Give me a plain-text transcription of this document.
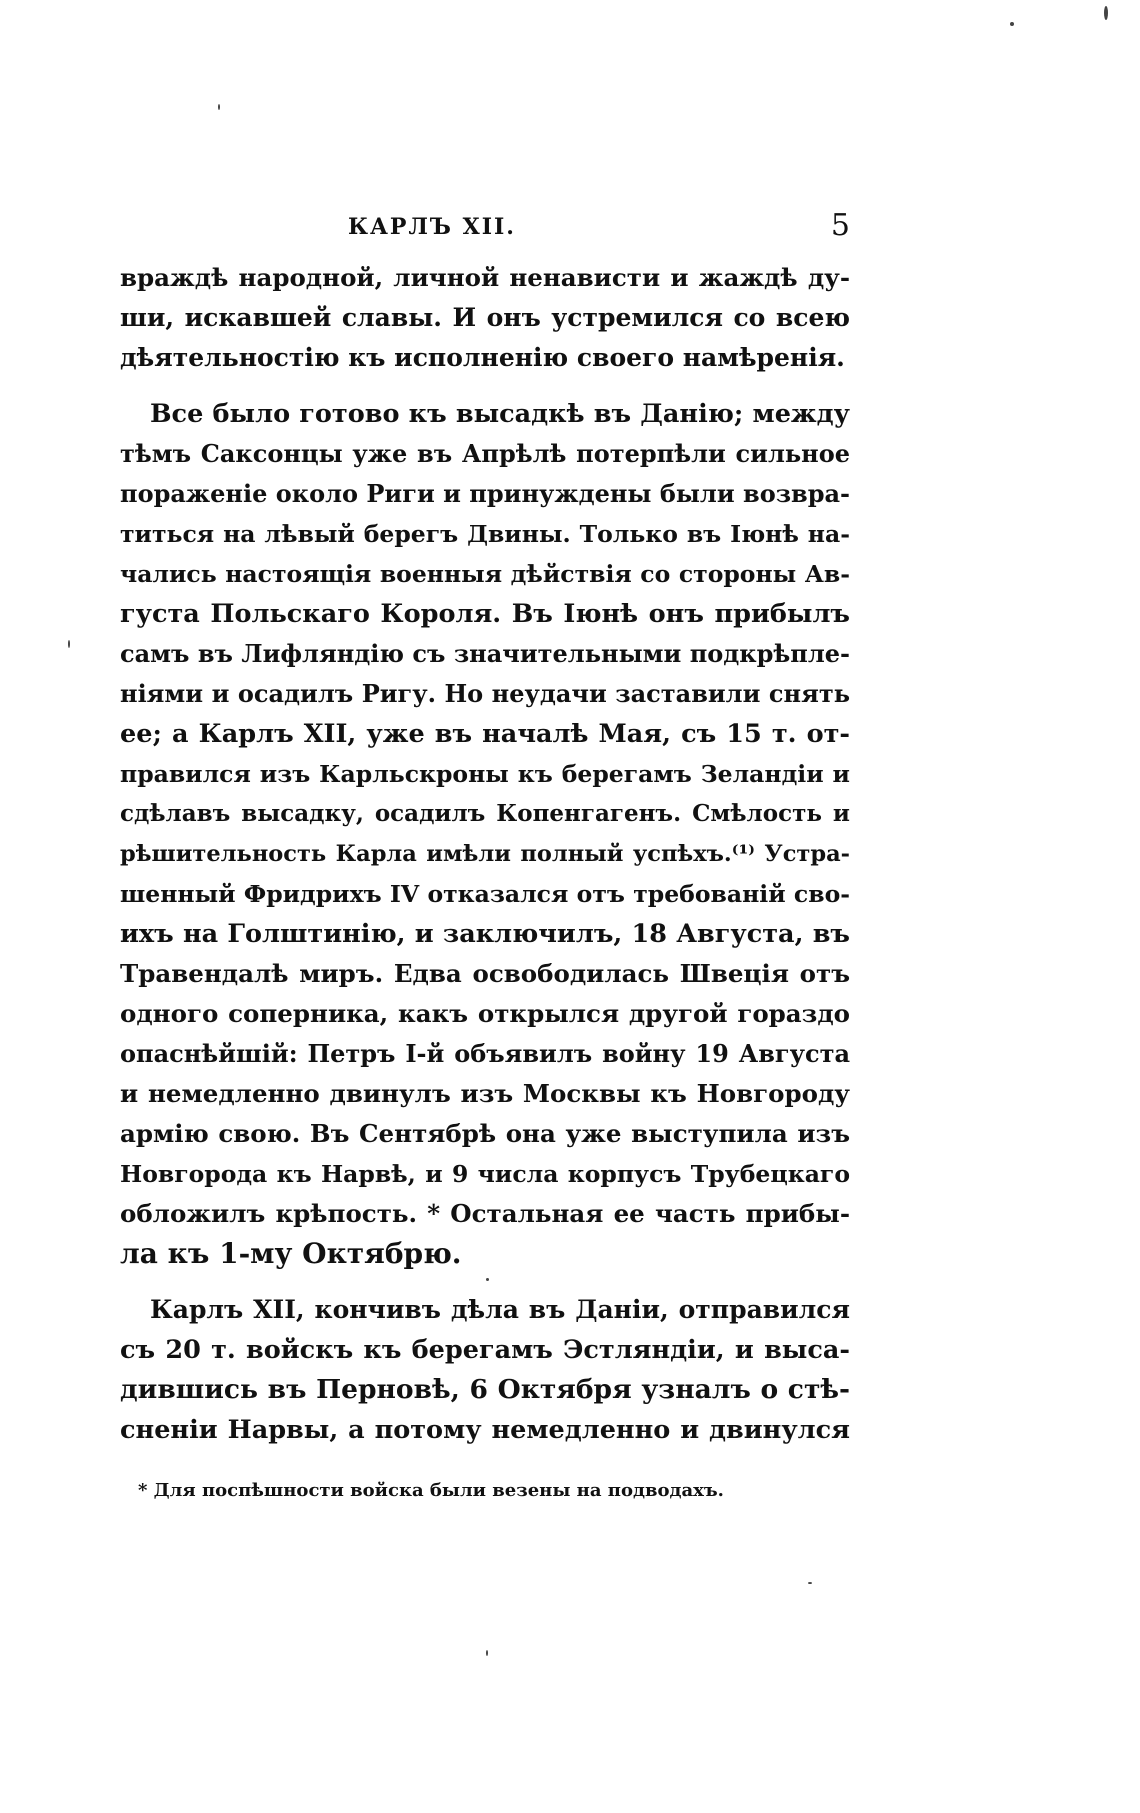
КАРЛЪ XII.	5
враждѣ народной, личной ненависти и жаждѣ ду-
ши, искавшей славы. И онъ устремился со всею
дѣятельностію къ исполненію своего намѣренія.
Все было готово къ высадкѣ въ Данію; между
тѣмъ Саксонцы уже въ Апрѣлѣ потерпѣли сильное
пораженіе около Риги и принуждены были возвра-
титься на лѣвый берегъ Двины. Только въ Іюнѣ на-
чались настоящія военныя дѣйствія со стороны Ав-
густа Польскаго Короля. Въ Іюнѣ онъ прибылъ
самъ въ Лифляндію съ значительными подкрѣпле-
ніями и осадилъ Ригу. Но неудачи заставили снять
ее; а Карлъ XII, уже въ началѣ Мая, съ 15 т. от-
правился изъ Карльскроны къ берегамъ Зеландіи и
сдѣлавъ высадку, осадилъ Копенгагенъ. Смѣлость и
рѣшительность Карла имѣли полный успѣхъ.⁽¹⁾ Устра-
шенный Фридрихъ IV отказался отъ требованій сво-
ихъ на Голштинію, и заключилъ, 18 Августа, въ
Травендалѣ миръ. Едва освободилась Швеція отъ
одного соперника, какъ открылся другой гораздо
опаснѣйшій: Петръ I-й объявилъ войну 19 Августа
и немедленно двинулъ изъ Москвы къ Новгороду
армію свою. Въ Сентябрѣ она уже выступила изъ
Новгорода къ Нарвѣ, и 9 числа корпусъ Трубецкаго
обложилъ крѣпость. * Остальная ее часть прибы-
ла къ 1-му Октябрю.
Карлъ XII, кончивъ дѣла въ Даніи, отправился
съ 20 т. войскъ къ берегамъ Эстляндіи, и выса-
дившись въ Перновѣ, 6 Октября узналъ о стѣ-
сненіи Нарвы, а потому немедленно и двинулся
* Для поспѣшности войска были везены на подводахъ.
